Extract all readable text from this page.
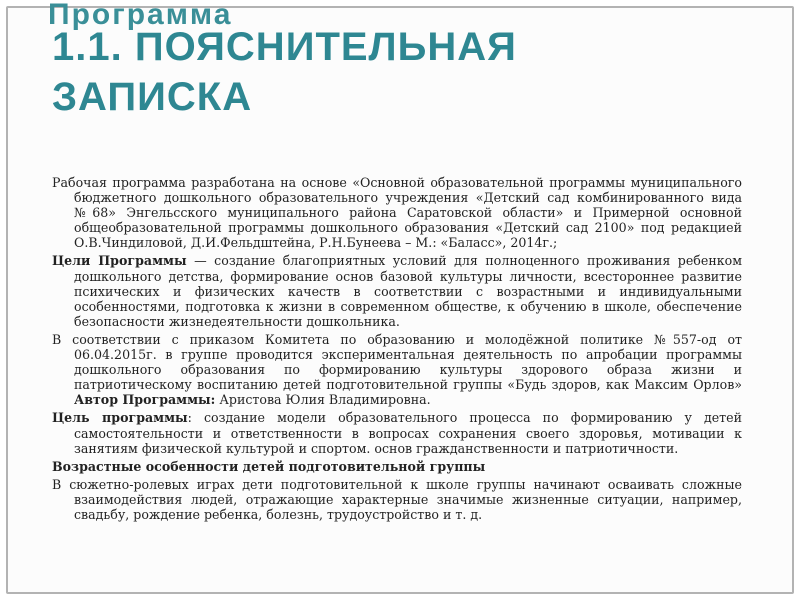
Программа
1.1. ПОЯСНИТЕЛЬНАЯ
ЗАПИСКА

Рабочая программа разработана на основе «Основной образовательной программы муниципального бюджетного дошкольного образовательного учреждения «Детский сад комбинированного вида №68» Энгельсского муниципального района Саратовской области» и Примерной основной общеобразовательной программы дошкольного образования «Детский сад 2100» под редакцией О.В.Чиндиловой, Д.И.Фельдштейна, Р.Н.Бунеева – М.: «Баласс», 2014г.;

Цели Программы — создание благоприятных условий для полноценного проживания ребенком дошкольного детства, формирование основ базовой культуры личности, всестороннее развитие психических и физических качеств в соответствии с возрастными и индивидуальными особенностями, подготовка к жизни в современном обществе, к обучению в школе, обеспечение безопасности жизнедеятельности дошкольника.

В соответствии с приказом Комитета по образованию и молодёжной политике №557-од от 06.04.2015г. в группе проводится экспериментальная деятельность по апробации программы дошкольного образования по формированию культуры здорового образа жизни и патриотическому воспитанию детей подготовительной группы «Будь здоров, как Максим Орлов» Автор Программы: Аристова Юлия Владимировна.

Цель программы: создание модели образовательного процесса по формированию у детей самостоятельности и ответственности в вопросах сохранения своего здоровья, мотивации к занятиям физической культурой и спортом. основ гражданственности и патриотичности.

Возрастные особенности детей подготовительной группы

В сюжетно-ролевых играх дети подготовительной к школе группы начинают осваивать сложные взаимодействия людей, отражающие характерные значимые жизненные ситуации, например, свадьбу, рождение ребенка, болезнь, трудоустройство и т. д.
